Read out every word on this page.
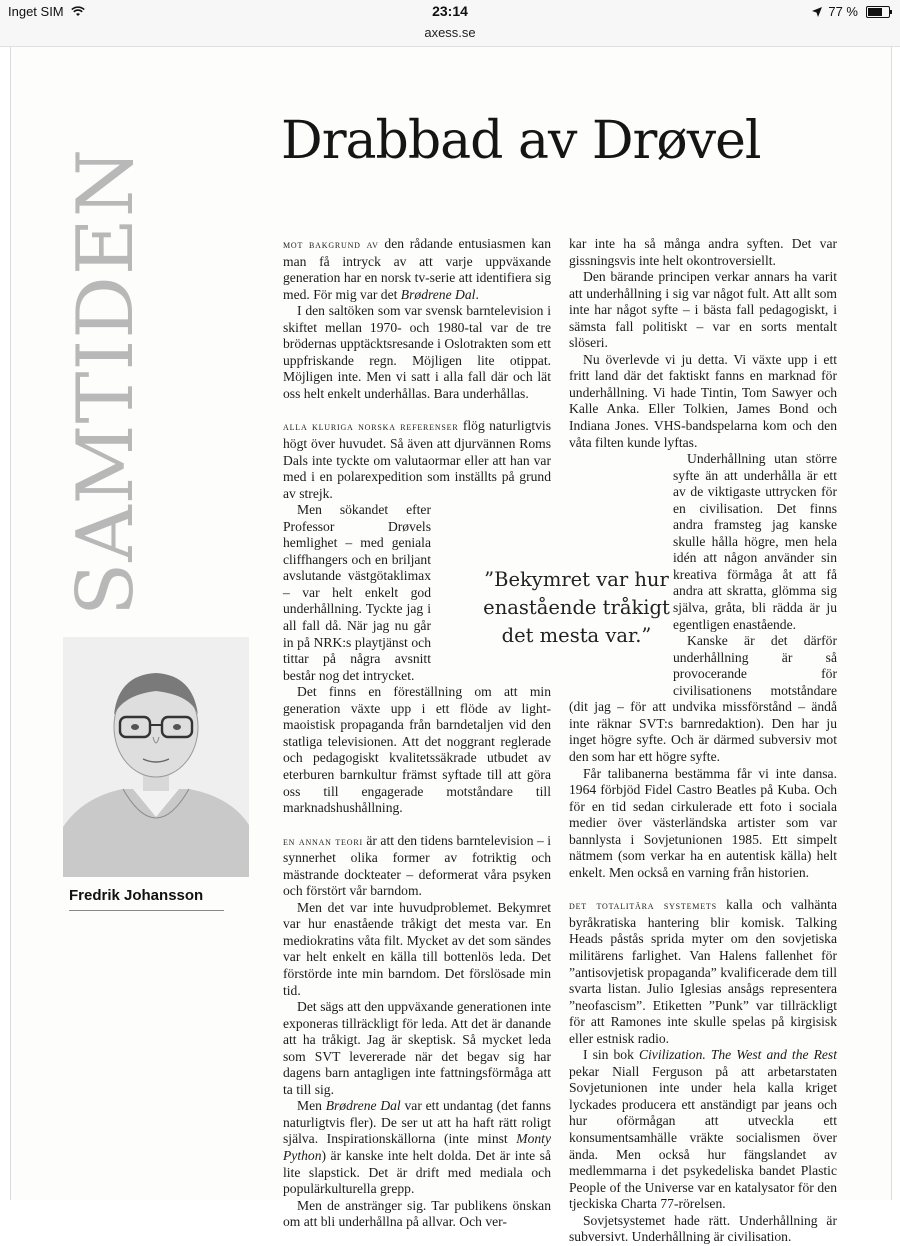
Inget SIM	23:14	77 %
axess.se
SAMTIDEN
Fredrik Johansson
Drabbad av Drøvel
”Bekymret var hur enastående tråkigt det mesta var.”

mot bakgrund av den rådande entusiasmen kan man få intryck av att varje uppväxande generation har en norsk tv-serie att identifiera sig med. För mig var det Brødrene Dal.

I den saltöken som var svensk barntelevision i skiftet mellan 1970- och 1980-tal var de tre brödernas upptäcktsresande i Oslotrakten som ett uppfriskande regn. Möjligen lite otippat. Möjligen inte. Men vi satt i alla fall där och lät oss helt enkelt underhållas. Bara underhållas.

alla kluriga norska referenser flög naturligtvis högt över huvudet. Så även att djurvännen Roms Dals inte tyckte om valutaormar eller att han var med i en polarexpedition som inställts på grund av strejk.

Men sökandet efter Professor Drøvels hemlighet – med geniala cliffhangers och en briljant avslutande västgötaklimax – var helt enkelt god underhållning. Tyckte jag i all fall då. När jag nu går in på NRK:s playtjänst och tittar på några avsnitt består nog det intrycket.

Det finns en föreställning om att min generation växte upp i ett flöde av light-maoistisk propaganda från barndetaljen vid den statliga televisionen. Att det noggrant reglerade och pedagogiskt kvalitetssäkrade utbudet av eterburen barnkultur främst syftade till att göra oss till engagerade motståndare till marknadshushållning.

en annan teori är att den tidens barntelevision – i synnerhet olika former av fotriktig och mästrande dockteater – deformerat våra psyken och förstört vår barndom.

Men det var inte huvudproblemet. Bekymret var hur enastående tråkigt det mesta var. En mediokratins våta filt. Mycket av det som sändes var helt enkelt en källa till bottenlös leda. Det förstörde inte min barndom. Det förslösade min tid.

Det sägs att den uppväxande generationen inte exponeras tillräckligt för leda. Att det är danande att ha tråkigt. Jag är skeptisk. Så mycket leda som SVT levererade när det begav sig har dagens barn antagligen inte fattningsförmåga att ta till sig.

Men Brødrene Dal var ett undantag (det fanns naturligtvis fler). De ser ut att ha haft rätt roligt själva. Inspirationskällorna (inte minst Monty Python) är kanske inte helt dolda. Det är inte så lite slapstick. Det är drift med mediala och populärkulturella grepp.

Men de anstränger sig. Tar publikens önskan om att bli underhållna på allvar. Och ver-

kar inte ha så många andra syften. Det var gissningsvis inte helt okontroversiellt.

Den bärande principen verkar annars ha varit att underhållning i sig var något fult. Att allt som inte har något syfte – i bästa fall pedagogiskt, i sämsta fall politiskt – var en sorts mentalt slöseri.

Nu överlevde vi ju detta. Vi växte upp i ett fritt land där det faktiskt fanns en marknad för underhållning. Vi hade Tintin, Tom Sawyer och Kalle Anka. Eller Tolkien, James Bond och Indiana Jones. VHS-bandspelarna kom och den våta filten kunde lyftas.

Underhållning utan större syfte än att underhålla är ett av de viktigaste uttrycken för en civilisation. Det finns andra framsteg jag kanske skulle hålla högre, men hela idén att någon använder sin kreativa förmåga åt att få andra att skratta, glömma sig själva, gråta, bli rädda är ju egentligen enastående.

Kanske är det därför underhållning är så provocerande för civilisationens motståndare (dit jag – för att undvika missförstånd – ändå inte räknar SVT:s barnredaktion). Den har ju inget högre syfte. Och är därmed subversiv mot den som har ett högre syfte.

Får talibanerna bestämma får vi inte dansa. 1964 förbjöd Fidel Castro Beatles på Kuba. Och för en tid sedan cirkulerade ett foto i sociala medier över västerländska artister som var bannlysta i Sovjetunionen 1985. Ett simpelt nätmem (som verkar ha en autentisk källa) helt enkelt. Men också en varning från historien.

det totalitära systemets kalla och valhänta byråkratiska hantering blir komisk. Talking Heads påstås sprida myter om den sovjetiska militärens farlighet. Van Halens fallenhet för ”antisovjetisk propaganda” kvalificerade dem till svarta listan. Julio Iglesias ansågs representera ”neofascism”. Etiketten ”Punk” var tillräckligt för att Ramones inte skulle spelas på kirgisisk eller estnisk radio.

I sin bok Civilization. The West and the Rest pekar Niall Ferguson på att arbetarstaten Sovjetunionen inte under hela kalla kriget lyckades producera ett anständigt par jeans och hur oförmågan att utveckla ett konsumentsamhälle vräkte socialismen över ända. Men också hur fängslandet av medlemmarna i det psykedeliska bandet Plastic People of the Universe var en katalysator för den tjeckiska Charta 77-rörelsen.

Sovjetsystemet hade rätt. Underhållning är subversivt. Underhållning är civilisation.
